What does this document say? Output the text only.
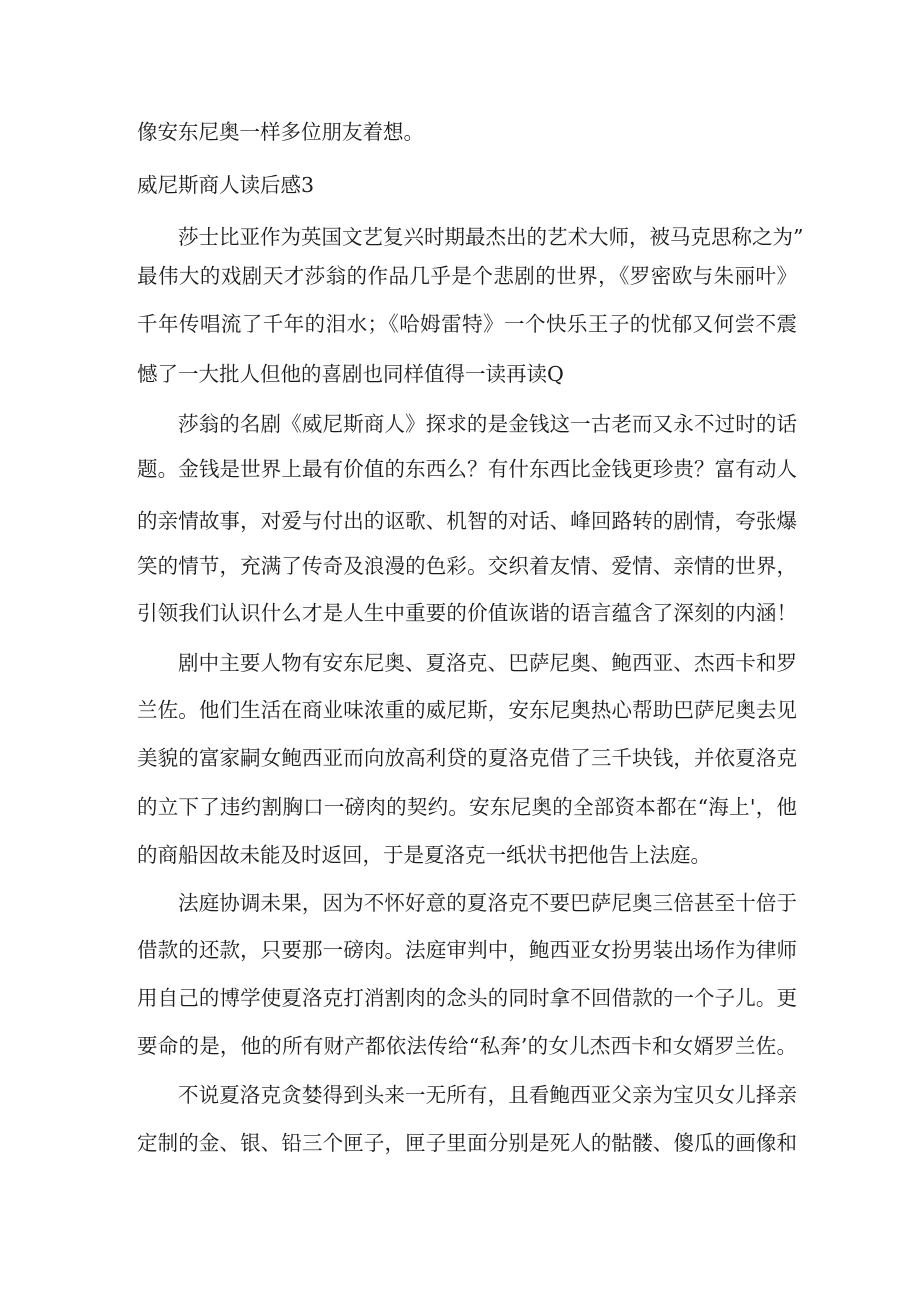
像安东尼奥一样多位朋友着想。
威尼斯商人读后感3
莎士比亚作为英国文艺复兴时期最杰出的艺术大师，被马克思称之为”
最伟大的戏剧天才莎翁的作品几乎是个悲剧的世界，《罗密欧与朱丽叶》
千年传唱流了千年的泪水；《哈姆雷特》一个快乐王子的忧郁又何尝不震
憾了一大批人但他的喜剧也同样值得一读再读Q
莎翁的名剧《威尼斯商人》探求的是金钱这一古老而又永不过时的话
题。金钱是世界上最有价值的东西么？有什东西比金钱更珍贵？富有动人
的亲情故事，对爱与付出的讴歌、机智的对话、峰回路转的剧情，夸张爆
笑的情节，充满了传奇及浪漫的色彩。交织着友情、爱情、亲情的世界，
引领我们认识什么才是人生中重要的价值诙谐的语言蕴含了深刻的内涵！
剧中主要人物有安东尼奥、夏洛克、巴萨尼奥、鲍西亚、杰西卡和罗
兰佐。他们生活在商业味浓重的威尼斯，安东尼奥热心帮助巴萨尼奥去见
美貌的富家嗣女鲍西亚而向放高利贷的夏洛克借了三千块钱，并依夏洛克
的立下了违约割胸口一磅肉的契约。安东尼奥的全部资本都在“海上'，他
的商船因故未能及时返回，于是夏洛克一纸状书把他告上法庭。
法庭协调未果，因为不怀好意的夏洛克不要巴萨尼奥三倍甚至十倍于
借款的还款，只要那一磅肉。法庭审判中，鲍西亚女扮男装出场作为律师
用自己的博学使夏洛克打消割肉的念头的同时拿不回借款的一个子儿。更
要命的是，他的所有财产都依法传给“私奔’的女儿杰西卡和女婿罗兰佐。
不说夏洛克贪婪得到头来一无所有，且看鲍西亚父亲为宝贝女儿择亲
定制的金、银、铅三个匣子，匣子里面分别是死人的骷髅、傻瓜的画像和
